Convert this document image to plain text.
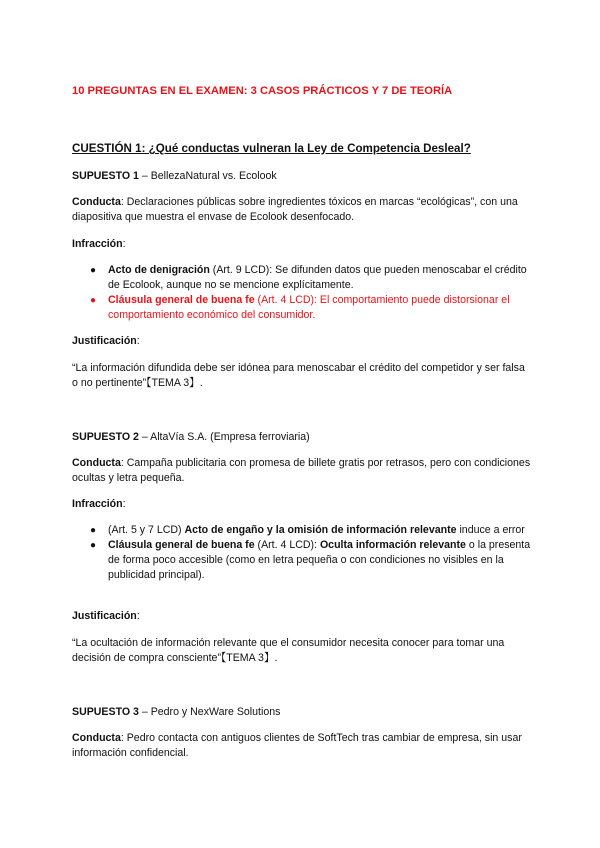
10 PREGUNTAS EN EL EXAMEN: 3 CASOS PRÁCTICOS Y 7 DE TEORÍA
CUESTIÓN 1: ¿Qué conductas vulneran la Ley de Competencia Desleal?
SUPUESTO 1 – BellezaNatural vs. Ecolook
Conducta: Declaraciones públicas sobre ingredientes tóxicos en marcas “ecológicas”, con una diapositiva que muestra el envase de Ecolook desenfocado.
Infracción:
● Acto de denigración (Art. 9 LCD): Se difunden datos que pueden menoscabar el crédito de Ecolook, aunque no se mencione explícitamente.
● Cláusula general de buena fe (Art. 4 LCD): El comportamiento puede distorsionar el comportamiento económico del consumidor.
Justificación:
“La información difundida debe ser idónea para menoscabar el crédito del competidor y ser falsa o no pertinente”【TEMA 3】.
SUPUESTO 2 – AltaVía S.A. (Empresa ferroviaria)
Conducta: Campaña publicitaria con promesa de billete gratis por retrasos, pero con condiciones ocultas y letra pequeña.
Infracción:
● (Art. 5 y 7 LCD) Acto de engaño y la omisión de información relevante induce a error
● Cláusula general de buena fe (Art. 4 LCD): Oculta información relevante o la presenta de forma poco accesible (como en letra pequeña o con condiciones no visibles en la publicidad principal).
Justificación:
“La ocultación de información relevante que el consumidor necesita conocer para tomar una decisión de compra consciente”【TEMA 3】.
SUPUESTO 3 – Pedro y NexWare Solutions
Conducta: Pedro contacta con antiguos clientes de SoftTech tras cambiar de empresa, sin usar información confidencial.
